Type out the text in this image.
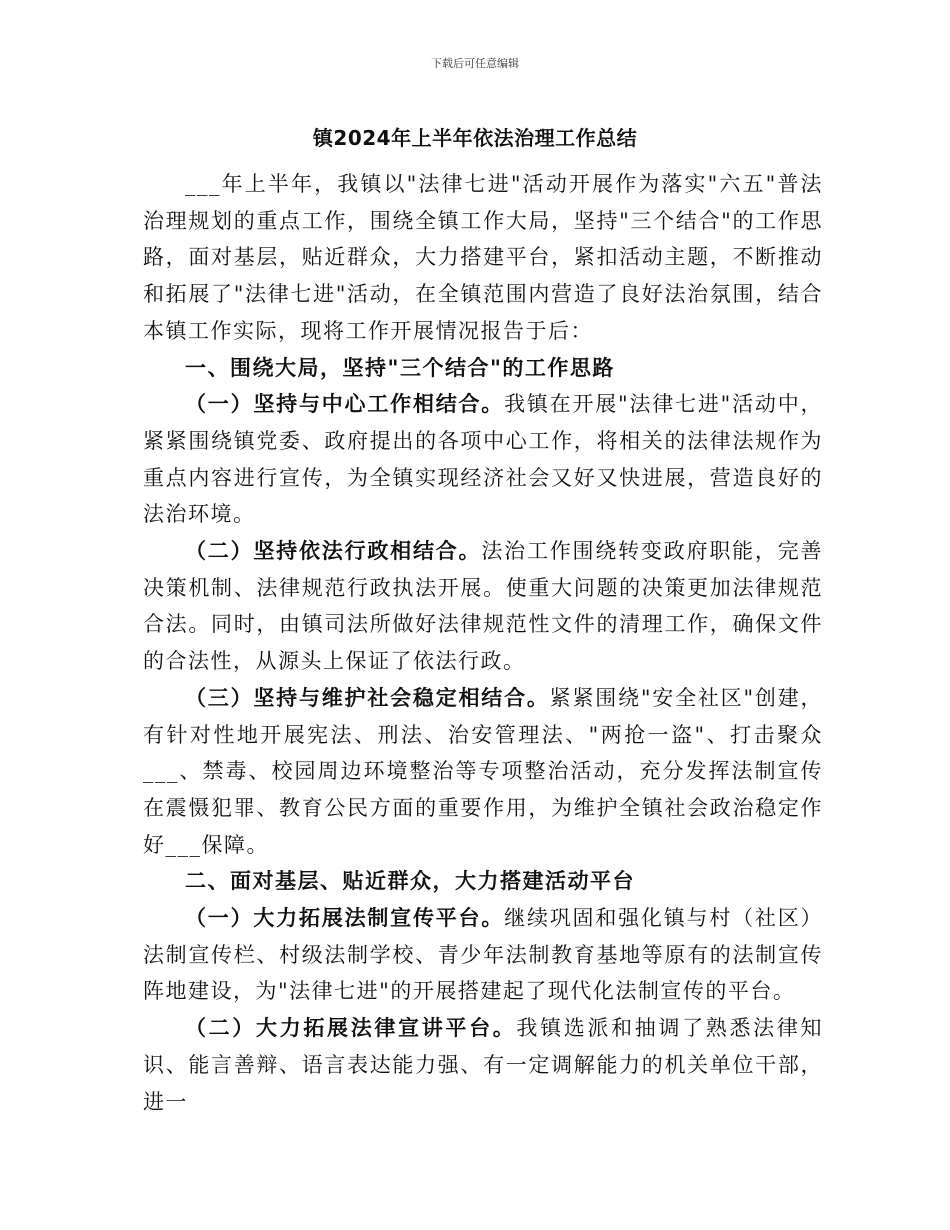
下载后可任意编辑
镇2024年上半年依法治理工作总结

___年上半年，我镇以"法律七进"活动开展作为落实"六五"普法治理规划的重点工作，围绕全镇工作大局，坚持"三个结合"的工作思路，面对基层，贴近群众，大力搭建平台，紧扣活动主题，不断推动和拓展了"法律七进"活动，在全镇范围内营造了良好法治氛围，结合本镇工作实际，现将工作开展情况报告于后：

一、围绕大局，坚持"三个结合"的工作思路

（一）坚持与中心工作相结合。我镇在开展"法律七进"活动中，紧紧围绕镇党委、政府提出的各项中心工作，将相关的法律法规作为重点内容进行宣传，为全镇实现经济社会又好又快进展，营造良好的法治环境。

（二）坚持依法行政相结合。法治工作围绕转变政府职能，完善决策机制、法律规范行政执法开展。使重大问题的决策更加法律规范合法。同时，由镇司法所做好法律规范性文件的清理工作，确保文件的合法性，从源头上保证了依法行政。

（三）坚持与维护社会稳定相结合。紧紧围绕"安全社区"创建，有针对性地开展宪法、刑法、治安管理法、"两抢一盗"、打击聚众___、禁毒、校园周边环境整治等专项整治活动，充分发挥法制宣传在震慑犯罪、教育公民方面的重要作用，为维护全镇社会政治稳定作好___保障。

二、面对基层、贴近群众，大力搭建活动平台

（一）大力拓展法制宣传平台。继续巩固和强化镇与村（社区）法制宣传栏、村级法制学校、青少年法制教育基地等原有的法制宣传阵地建设，为"法律七进"的开展搭建起了现代化法制宣传的平台。

（二）大力拓展法律宣讲平台。我镇选派和抽调了熟悉法律知识、能言善辩、语言表达能力强、有一定调解能力的机关单位干部，进一
